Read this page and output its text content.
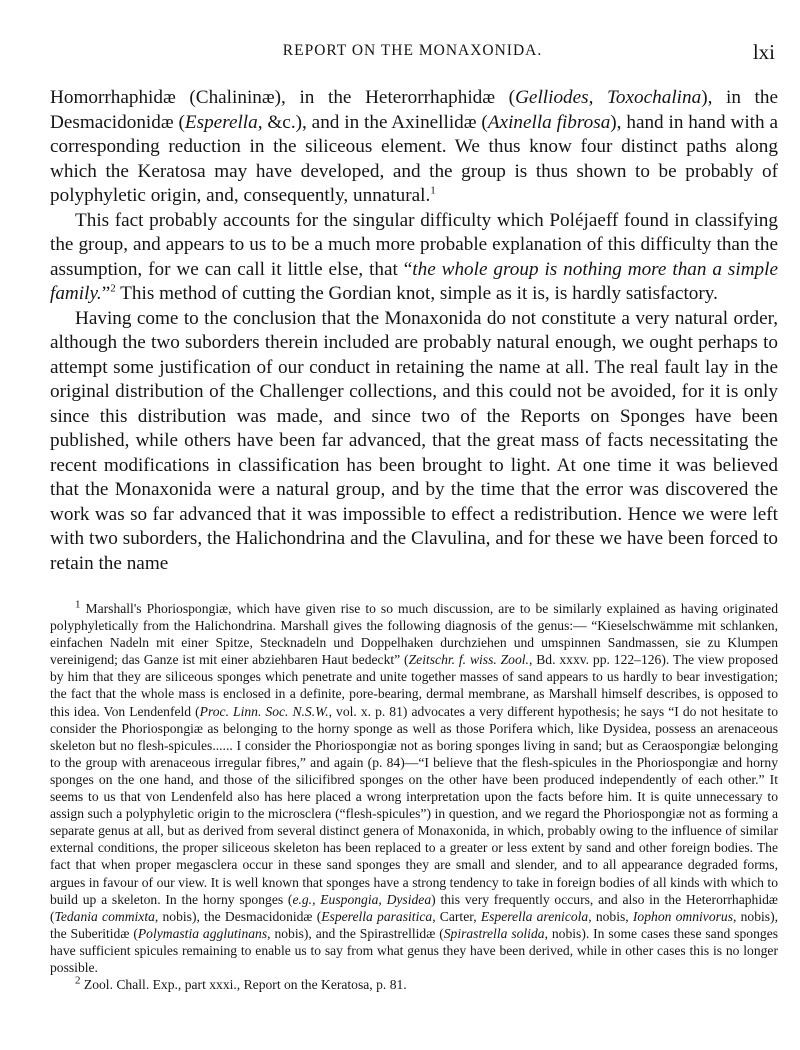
REPORT ON THE MONAXONIDA.	lxi

Homorrhaphidæ (Chalininæ), in the Heterorrhaphidæ (Gelliodes, Toxochalina), in the Desmacidonidæ (Esperella, &c.), and in the Axinellidæ (Axinella fibrosa), hand in hand with a corresponding reduction in the siliceous element. We thus know four distinct paths along which the Keratosa may have developed, and the group is thus shown to be probably of polyphyletic origin, and, consequently, unnatural.$^1$

This fact probably accounts for the singular difficulty which Poléjaeff found in classifying the group, and appears to us to be a much more probable explanation of this difficulty than the assumption, for we can call it little else, that “the whole group is nothing more than a simple family.”$^2$ This method of cutting the Gordian knot, simple as it is, is hardly satisfactory.

Having come to the conclusion that the Monaxonida do not constitute a very natural order, although the two suborders therein included are probably natural enough, we ought perhaps to attempt some justification of our conduct in retaining the name at all. The real fault lay in the original distribution of the Challenger collections, and this could not be avoided, for it is only since this distribution was made, and since two of the Reports on Sponges have been published, while others have been far advanced, that the great mass of facts necessitating the recent modifications in classification has been brought to light. At one time it was believed that the Monaxonida were a natural group, and by the time that the error was discovered the work was so far advanced that it was impossible to effect a redistribution. Hence we were left with two suborders, the Halichondrina and the Clavulina, and for these we have been forced to retain the name

$^1$ Marshall's Phoriospongiæ, which have given rise to so much discussion, are to be similarly explained as having originated polyphyletically from the Halichondrina. Marshall gives the following diagnosis of the genus:— “Kieselschwämme mit schlanken, einfachen Nadeln mit einer Spitze, Stecknadeln und Doppelhaken durchziehen und umspinnen Sandmassen, sie zu Klumpen vereinigend; das Ganze ist mit einer abziehbaren Haut bedeckt” (Zeitschr. f. wiss. Zool., Bd. xxxv. pp. 122–126). The view proposed by him that they are siliceous sponges which penetrate and unite together masses of sand appears to us hardly to bear investigation; the fact that the whole mass is enclosed in a definite, pore-bearing, dermal membrane, as Marshall himself describes, is opposed to this idea. Von Lendenfeld (Proc. Linn. Soc. N.S.W., vol. x. p. 81) advocates a very different hypothesis; he says “I do not hesitate to consider the Phoriospongiæ as belonging to the horny sponge as well as those Porifera which, like Dysidea, possess an arenaceous skeleton but no flesh-spicules...... I consider the Phoriospongiæ not as boring sponges living in sand; but as Ceraospongiæ belonging to the group with arenaceous irregular fibres,” and again (p. 84)—“I believe that the flesh-spicules in the Phoriospongiæ and horny sponges on the one hand, and those of the silicifibred sponges on the other have been produced independently of each other.” It seems to us that von Lendenfeld also has here placed a wrong interpretation upon the facts before him. It is quite unnecessary to assign such a polyphyletic origin to the microsclera (“flesh-spicules”) in question, and we regard the Phoriospongiæ not as forming a separate genus at all, but as derived from several distinct genera of Monaxonida, in which, probably owing to the influence of similar external conditions, the proper siliceous skeleton has been replaced to a greater or less extent by sand and other foreign bodies. The fact that when proper megasclera occur in these sand sponges they are small and slender, and to all appearance degraded forms, argues in favour of our view. It is well known that sponges have a strong tendency to take in foreign bodies of all kinds with which to build up a skeleton. In the horny sponges (e.g., Euspongia, Dysidea) this very frequently occurs, and also in the Heterorrhaphidæ (Tedania commixta, nobis), the Desmacidonidæ (Esperella parasitica, Carter, Esperella arenicola, nobis, Iophon omnivorus, nobis), the Suberitidæ (Polymastia agglutinans, nobis), and the Spirastrellidæ (Spirastrella solida, nobis). In some cases these sand sponges have sufficient spicules remaining to enable us to say from what genus they have been derived, while in other cases this is no longer possible.

$^2$ Zool. Chall. Exp., part xxxi., Report on the Keratosa, p. 81.
